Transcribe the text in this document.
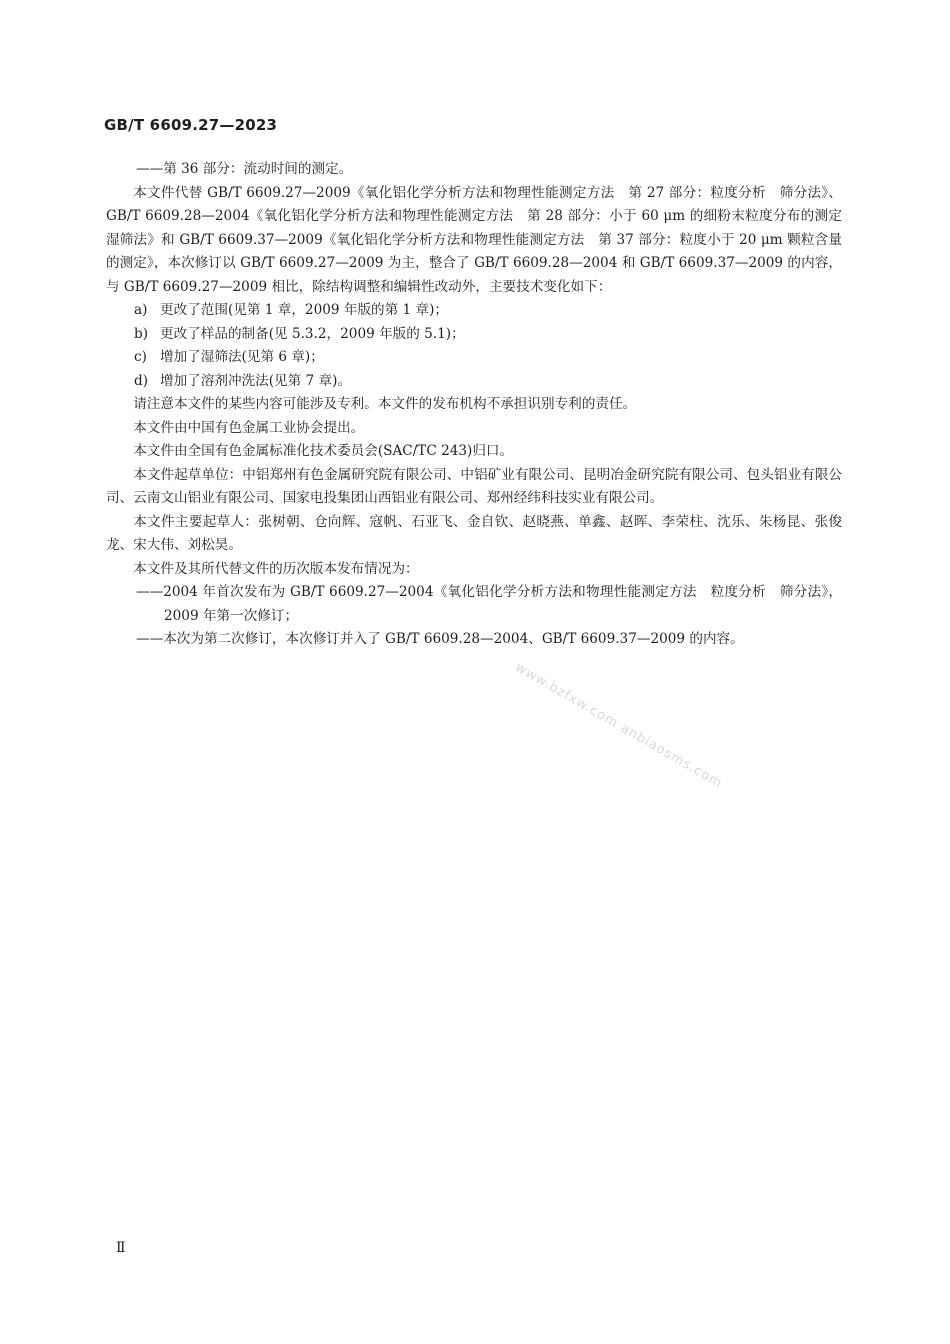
GB/T 6609.27—2023

——第 36 部分：流动时间的测定。

本文件代替 GB/T 6609.27—2009《氧化铝化学分析方法和物理性能测定方法　第 27 部分：粒度分析　筛分法》、GB/T 6609.28—2004《氧化铝化学分析方法和物理性能测定方法　第 28 部分：小于 60 μm 的细粉末粒度分布的测定　湿筛法》和 GB/T 6609.37—2009《氧化铝化学分析方法和物理性能测定方法　第 37 部分：粒度小于 20 μm 颗粒含量的测定》，本次修订以 GB/T 6609.27—2009 为主，整合了 GB/T 6609.28—2004 和 GB/T 6609.37—2009 的内容，与 GB/T 6609.27—2009 相比，除结构调整和编辑性改动外，主要技术变化如下：

a) 更改了范围(见第 1 章，2009 年版的第 1 章)；

b) 更改了样品的制备(见 5.3.2，2009 年版的 5.1)；

c) 增加了湿筛法(见第 6 章)；

d) 增加了溶剂冲洗法(见第 7 章)。

请注意本文件的某些内容可能涉及专利。本文件的发布机构不承担识别专利的责任。

本文件由中国有色金属工业协会提出。

本文件由全国有色金属标准化技术委员会(SAC/TC 243)归口。

本文件起草单位：中铝郑州有色金属研究院有限公司、中铝矿业有限公司、昆明冶金研究院有限公司、包头铝业有限公司、云南文山铝业有限公司、国家电投集团山西铝业有限公司、郑州经纬科技实业有限公司。

本文件主要起草人：张树朝、仓向辉、寇帆、石亚飞、金自钦、赵晓燕、单鑫、赵晖、李荣柱、沈乐、朱杨昆、张俊龙、宋大伟、刘松昊。

本文件及其所代替文件的历次版本发布情况为：

——2004 年首次发布为 GB/T 6609.27—2004《氧化铝化学分析方法和物理性能测定方法　粒度分析　筛分法》，2009 年第一次修订；

——本次为第二次修订，本次修订并入了 GB/T 6609.28—2004、GB/T 6609.37—2009 的内容。

www.bzfxw.com anbiaosms.com
Ⅱ
